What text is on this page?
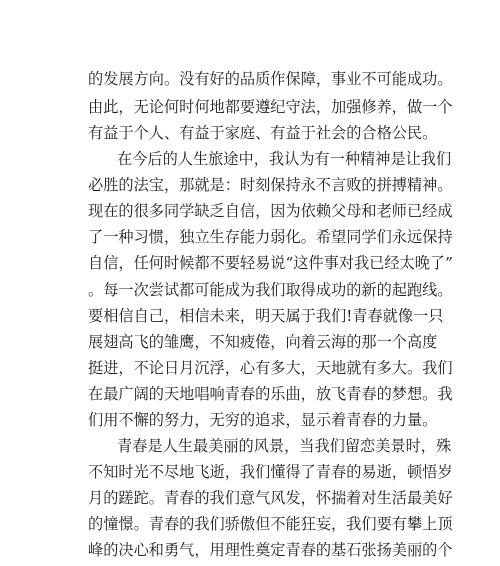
的发展方向。没有好的品质作保障，事业不可能成功。
由此，无论何时何地都要遵纪守法，加强修养，做一个
有益于个人、有益于家庭、有益于社会的合格公民。
在今后的人生旅途中，我认为有一种精神是让我们
必胜的法宝，那就是：时刻保持永不言败的拼搏精神。
现在的很多同学缺乏自信，因为依赖父母和老师已经成
了一种习惯，独立生存能力弱化。希望同学们永远保持
自信，任何时候都不要轻易说“这件事对我已经太晚了”
。每一次尝试都可能成为我们取得成功的新的起跑线。
要相信自己，相信未来，明天属于我们!青春就像一只
展翅高飞的雏鹰，不知疲倦，向着云海的那一个高度
挺进，不论日月沉浮，心有多大，天地就有多大。我们
在最广阔的天地唱响青春的乐曲，放飞青春的梦想。我
们用不懈的努力，无穷的追求，显示着青春的力量。
青春是人生最美丽的风景，当我们留恋美景时，殊
不知时光不尽地飞逝，我们懂得了青春的易逝，顿悟岁
月的蹉跎。青春的我们意气风发，怀揣着对生活最美好
的憧憬。青春的我们骄傲但不能狂妄，我们要有攀上顶
峰的决心和勇气，用理性奠定青春的基石张扬美丽的个
